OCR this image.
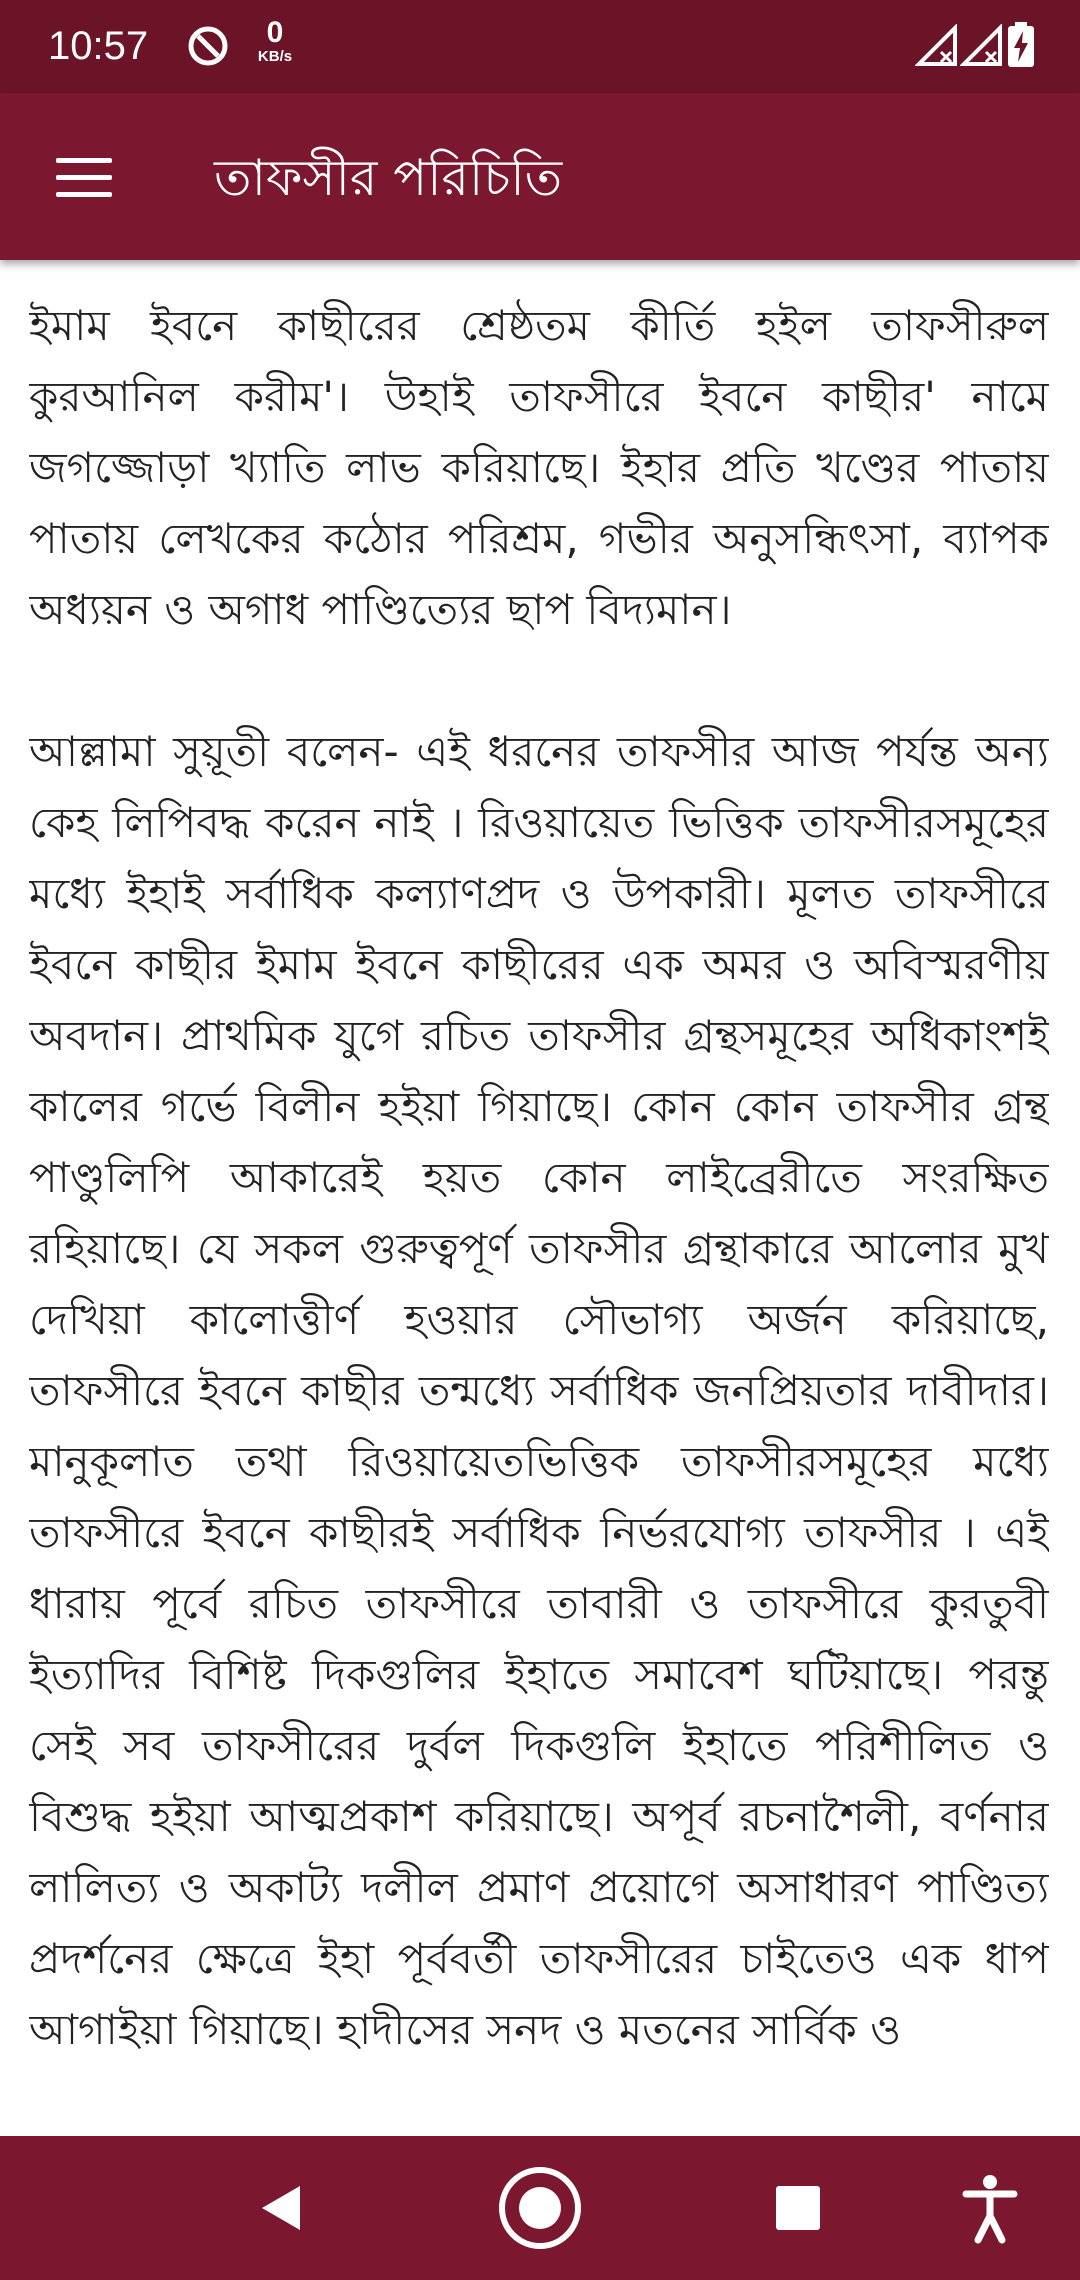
10:57	0
KB/s
তাফসীর পরিচিতি

ইমাম ইবনে কাছীরের শ্রেষ্ঠতম কীর্তি হইল তাফসীরুল কুরআনিল করীম'। উহাই তাফসীরে ইবনে কাছীর' নামে জগজ্জোড়া খ্যাতি লাভ করিয়াছে। ইহার প্রতি খণ্ডের পাতায় পাতায় লেখকের কঠোর পরিশ্রম, গভীর অনুসন্ধিৎসা, ব্যাপক অধ্যয়ন ও অগাধ পাণ্ডিত্যের ছাপ বিদ্যমান।

আল্লামা সুয়ূতী বলেন- এই ধরনের তাফসীর আজ পর্যন্ত অন্য কেহ লিপিবদ্ধ করেন নাই । রিওয়ায়েত ভিত্তিক তাফসীরসমূহের মধ্যে ইহাই সর্বাধিক কল্যাণপ্রদ ও উপকারী। মূলত তাফসীরে ইবনে কাছীর ইমাম ইবনে কাছীরের এক অমর ও অবিস্মরণীয় অবদান। প্রাথমিক যুগে রচিত তাফসীর গ্রন্থসমূহের অধিকাংশই কালের গর্ভে বিলীন হইয়া গিয়াছে। কোন কোন তাফসীর গ্রন্থ পাণ্ডুলিপি আকারেই হয়ত কোন লাইব্রেরীতে সংরক্ষিত রহিয়াছে। যে সকল গুরুত্বপূর্ণ তাফসীর গ্রন্থাকারে আলোর মুখ দেখিয়া কালোত্তীর্ণ হওয়ার সৌভাগ্য অর্জন করিয়াছে, তাফসীরে ইবনে কাছীর তন্মধ্যে সর্বাধিক জনপ্রিয়তার দাবীদার। মানুকূলাত তথা রিওয়ায়েতভিত্তিক তাফসীরসমূহের মধ্যে তাফসীরে ইবনে কাছীরই সর্বাধিক নির্ভরযোগ্য তাফসীর । এই ধারায় পূর্বে রচিত তাফসীরে তাবারী ও তাফসীরে কুরতুবী ইত্যাদির বিশিষ্ট দিকগুলির ইহাতে সমাবেশ ঘটিয়াছে। পরন্তু সেই সব তাফসীরের দুর্বল দিকগুলি ইহাতে পরিশীলিত ও বিশুদ্ধ হইয়া আত্মপ্রকাশ করিয়াছে। অপূর্ব রচনাশৈলী, বর্ণনার লালিত্য ও অকাট্য দলীল প্রমাণ প্রয়োগে অসাধারণ পাণ্ডিত্য প্রদর্শনের ক্ষেত্রে ইহা পূর্ববর্তী তাফসীরের চাইতেও এক ধাপ আগাইয়া গিয়াছে। হাদীসের সনদ ও মতনের সার্বিক ও
